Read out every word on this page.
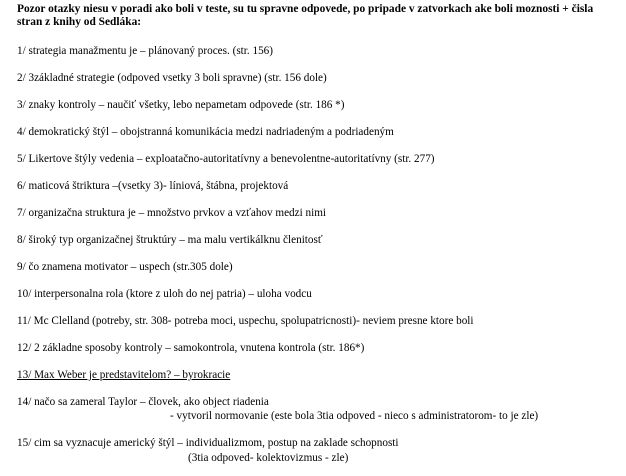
Pozor otazky niesu v poradi ako boli v teste, su tu spravne odpovede, po pripade v zatvorkach ake boli moznosti + čisla stran z knihy od Sedláka:
1/ strategia manažmentu je – plánovaný proces. (str. 156)
2/ 3základné strategie (odpoved vsetky 3 boli spravne) (str. 156 dole)
3/ znaky kontroly – naučiť všetky, lebo nepametam odpovede (str. 186 *)
4/ demokratický štýl – obojstranná komunikácia medzi nadriadeným a podriadeným
5/ Likertove štýly vedenia – exploatačno-autoritatívny a benevolentne-autoritatívny (str. 277)
6/ maticová štriktura –(vsetky 3)- líniová, štábna, projektová
7/ organizačna struktura je – množstvo prvkov a vzťahov medzi nimi
8/ široký typ organizačnej štruktúry – ma malu vertikálknu členitosť
9/ čo znamena motivator – uspech (str.305 dole)
10/ interpersonalna rola (ktore z uloh do nej patria) – uloha vodcu
11/ Mc Clelland (potreby, str. 308- potreba moci, uspechu, spolupatricnosti)- neviem presne ktore boli
12/ 2 základne sposoby kontroly – samokontrola, vnutena kontrola (str. 186*)
13/ Max Weber je predstavitelom? – byrokracie
14/ načo sa zameral Taylor – človek, ako object riadenia
- vytvoril normovanie (este bola 3tia odpoved - nieco s administratorom- to je zle)
15/ cim sa vyznacuje americký štýl – individualizmom, postup na zaklade schopnosti
(3tia odpoved- kolektovizmus - zle)
